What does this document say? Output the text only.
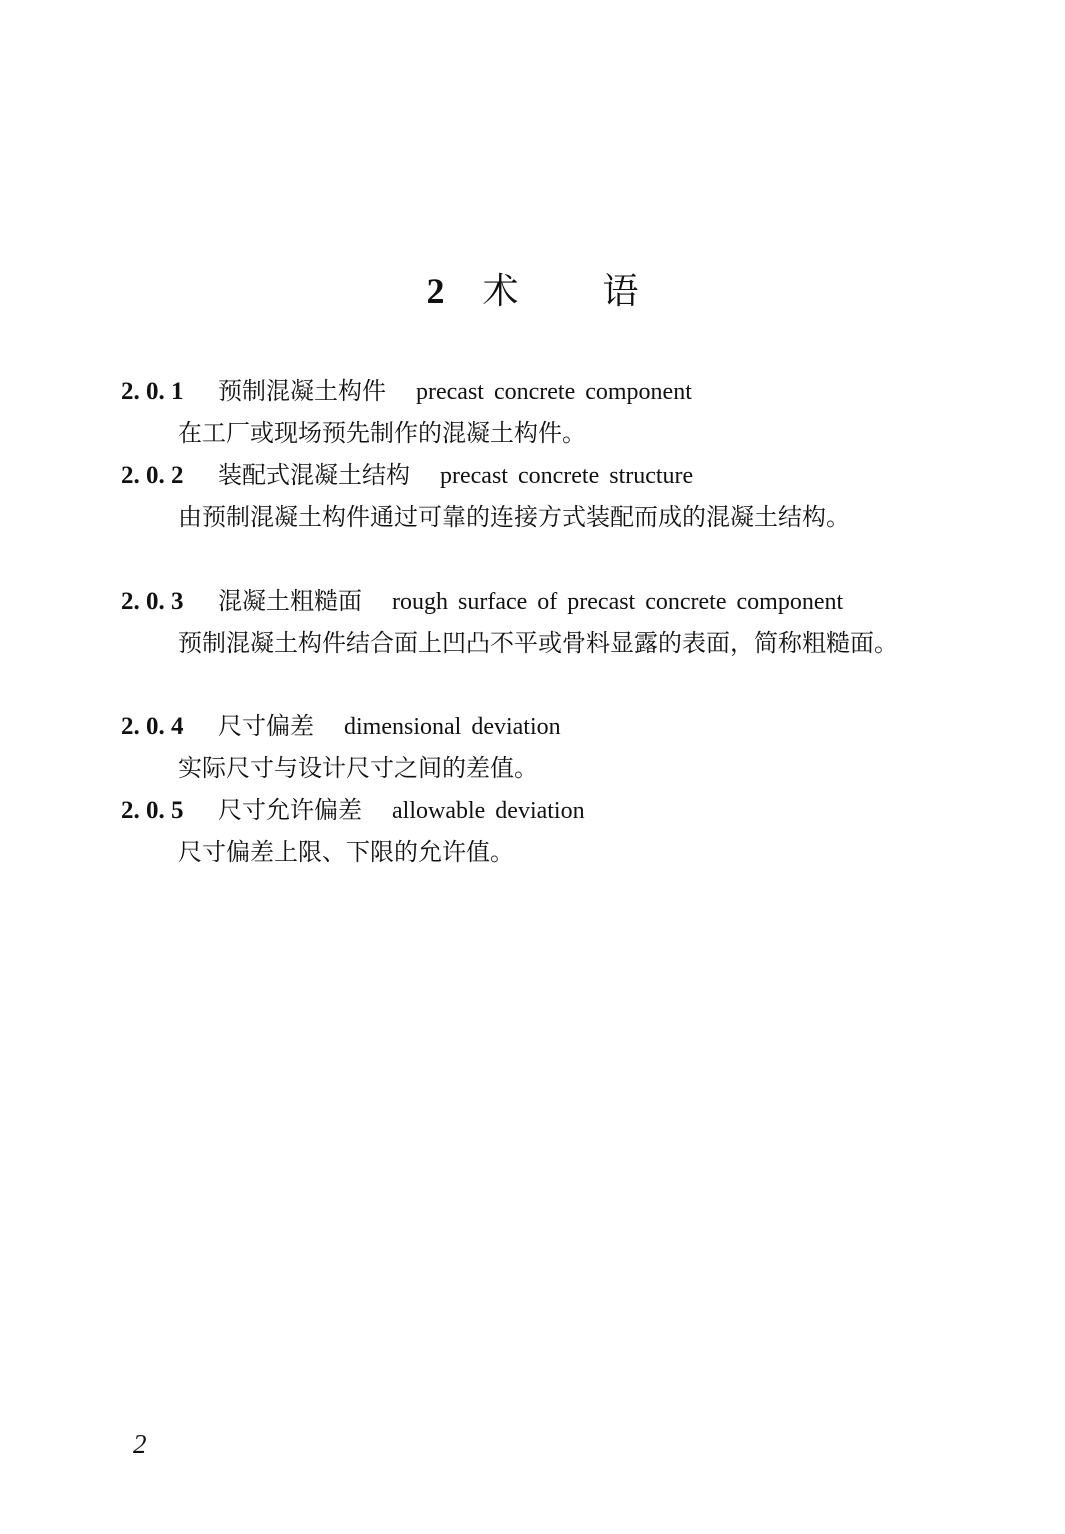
2 术 语
2. 0. 1 预制混凝土构件 precast concrete component
在工厂或现场预先制作的混凝土构件。
2. 0. 2 装配式混凝土结构 precast concrete structure
由预制混凝土构件通过可靠的连接方式装配而成的混凝土结构。
2. 0. 3 混凝土粗糙面 rough surface of precast concrete component
预制混凝土构件结合面上凹凸不平或骨料显露的表面，简称粗糙面。
2. 0. 4 尺寸偏差 dimensional deviation
实际尺寸与设计尺寸之间的差值。
2. 0. 5 尺寸允许偏差 allowable deviation
尺寸偏差上限、下限的允许值。
2
